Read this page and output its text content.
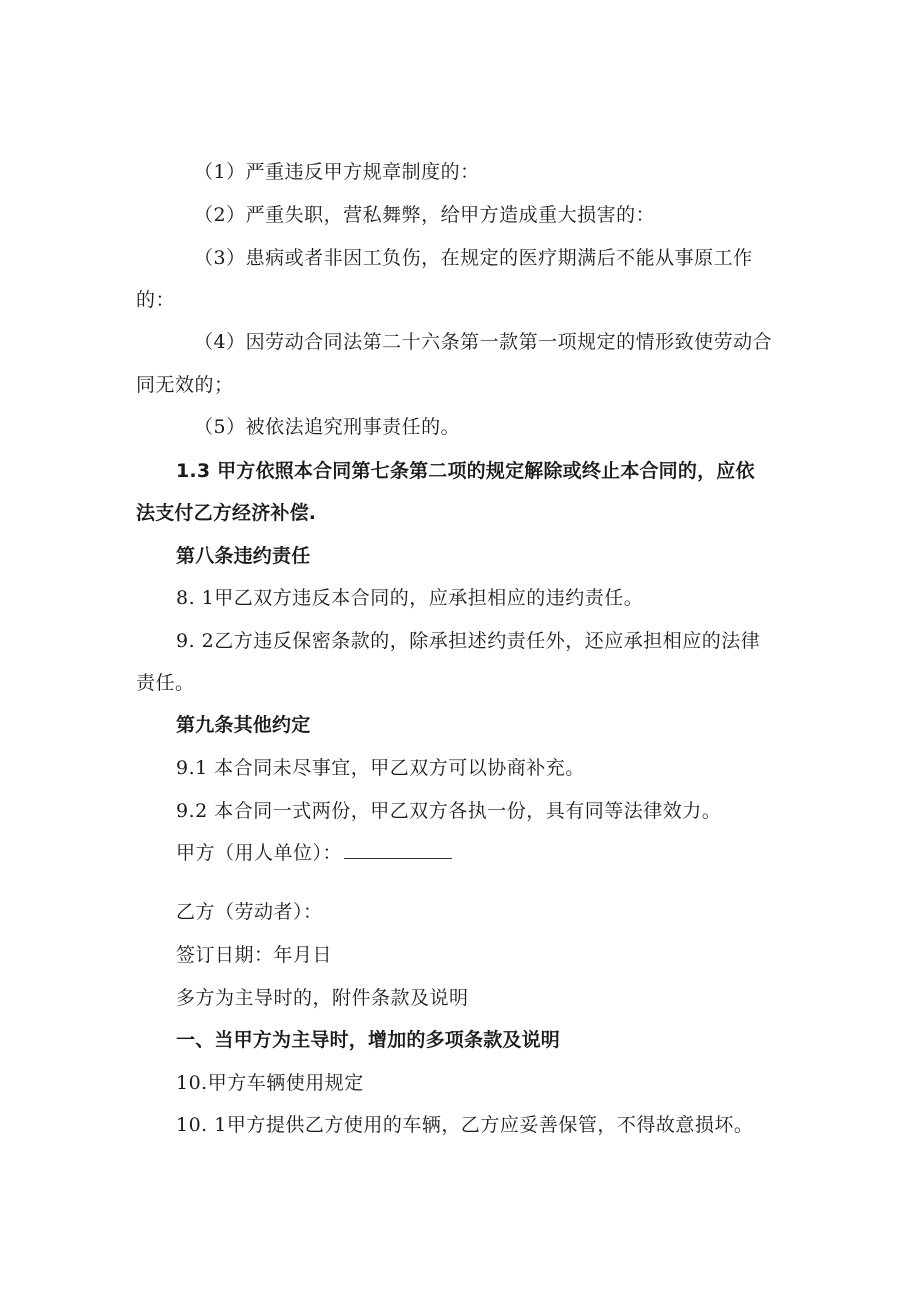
（1）严重违反甲方规章制度的：
（2）严重失职，营私舞弊，给甲方造成重大损害的：
（3）患病或者非因工负伤，在规定的医疗期满后不能从事原工作
的：
（4）因劳动合同法第二十六条第一款第一项规定的情形致使劳动合
同无效的；
（5）被依法追究刑事责任的。
1.3 甲方依照本合同第七条第二项的规定解除或终止本合同的，应依
法支付乙方经济补偿.
第八条违约责任
8. 1甲乙双方违反本合同的，应承担相应的违约责任。
9. 2乙方违反保密条款的，除承担述约责任外，还应承担相应的法律
责任。
第九条其他约定
9.1 本合同未尽事宜，甲乙双方可以协商补充。
9.2 本合同一式两份，甲乙双方各执一份，具有同等法律效力。
甲方（用人单位）：
乙方（劳动者）：
签订日期：年月日
多方为主导时的，附件条款及说明
一、当甲方为主导时，增加的多项条款及说明
10.甲方车辆使用规定
10. 1甲方提供乙方使用的车辆，乙方应妥善保管，不得故意损坏。
